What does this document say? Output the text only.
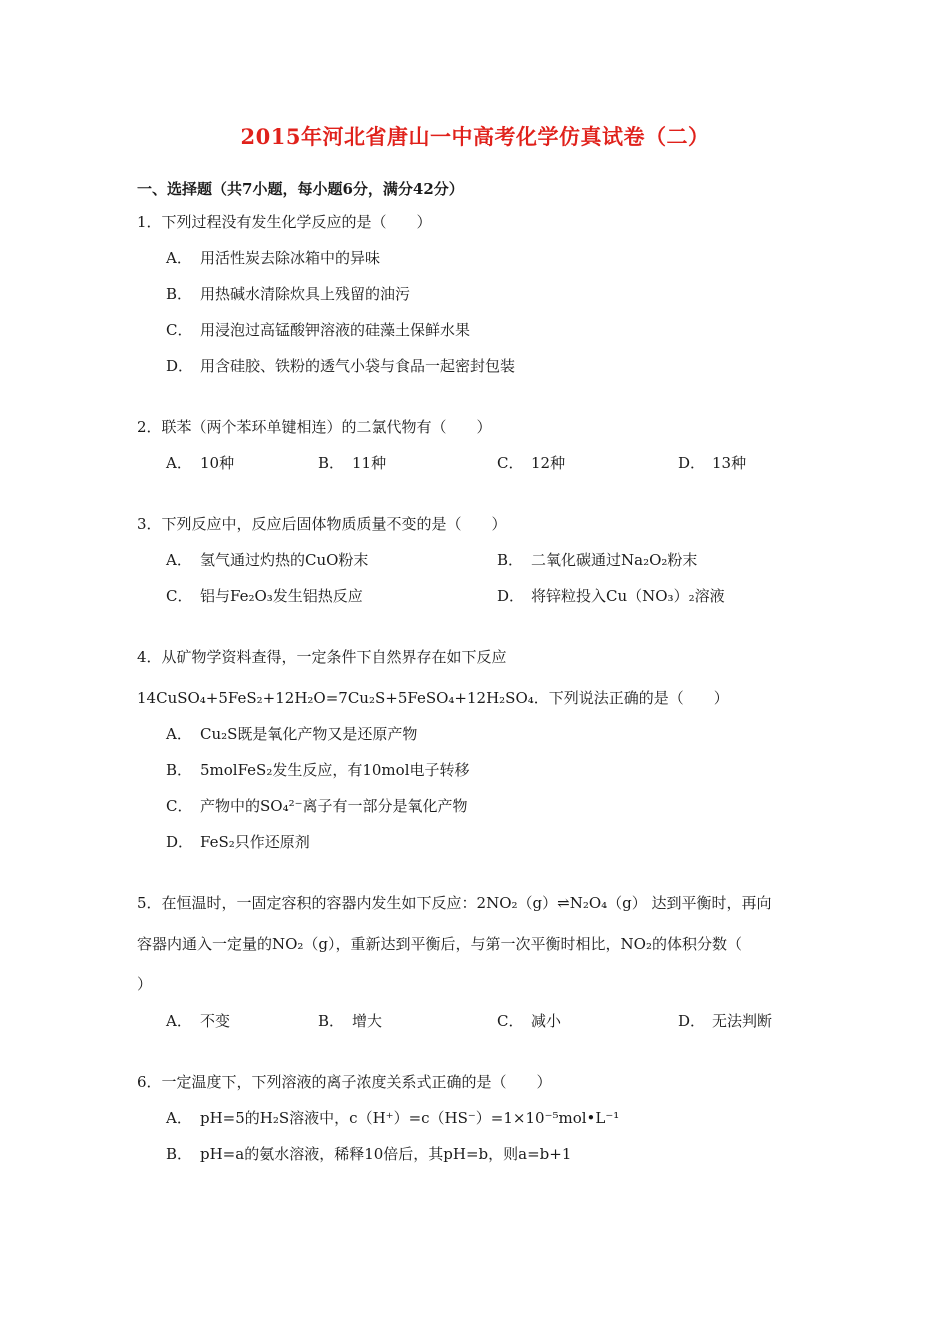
2015年河北省唐山一中高考化学仿真试卷（二）
一、选择题（共7小题，每小题6分，满分42分）
1．下列过程没有发生化学反应的是（　　）
A． 用活性炭去除冰箱中的异味
B． 用热碱水清除炊具上残留的油污
C． 用浸泡过高锰酸钾溶液的硅藻土保鲜水果
D． 用含硅胶、铁粉的透气小袋与食品一起密封包装
2．联苯（两个苯环单键相连）的二氯代物有（　　）
A． 10种	B． 11种	C． 12种	D． 13种
3．下列反应中，反应后固体物质质量不变的是（　　）
A． 氢气通过灼热的CuO粉末	B． 二氧化碳通过Na₂O₂粉末
C． 铝与Fe₂O₃发生铝热反应	D． 将锌粒投入Cu（NO₃）₂溶液
4．从矿物学资料查得，一定条件下自然界存在如下反应
14CuSO₄+5FeS₂+12H₂O=7Cu₂S+5FeSO₄+12H₂SO₄．下列说法正确的是（　　）
A． Cu₂S既是氧化产物又是还原产物
B． 5molFeS₂发生反应，有10mol电子转移
C． 产物中的SO₄²⁻离子有一部分是氧化产物
D． FeS₂只作还原剂
5．在恒温时，一固定容积的容器内发生如下反应：2NO₂（g）⇌N₂O₄（g） 达到平衡时，再向
容器内通入一定量的NO₂（g），重新达到平衡后，与第一次平衡时相比，NO₂的体积分数（
）
A． 不变	B． 增大	C． 减小	D． 无法判断
6．一定温度下，下列溶液的离子浓度关系式正确的是（　　）
A． pH=5的H₂S溶液中，c（H⁺）=c（HS⁻）=1×10⁻⁵mol•L⁻¹
B． pH=a的氨水溶液，稀释10倍后，其pH=b，则a=b+1
